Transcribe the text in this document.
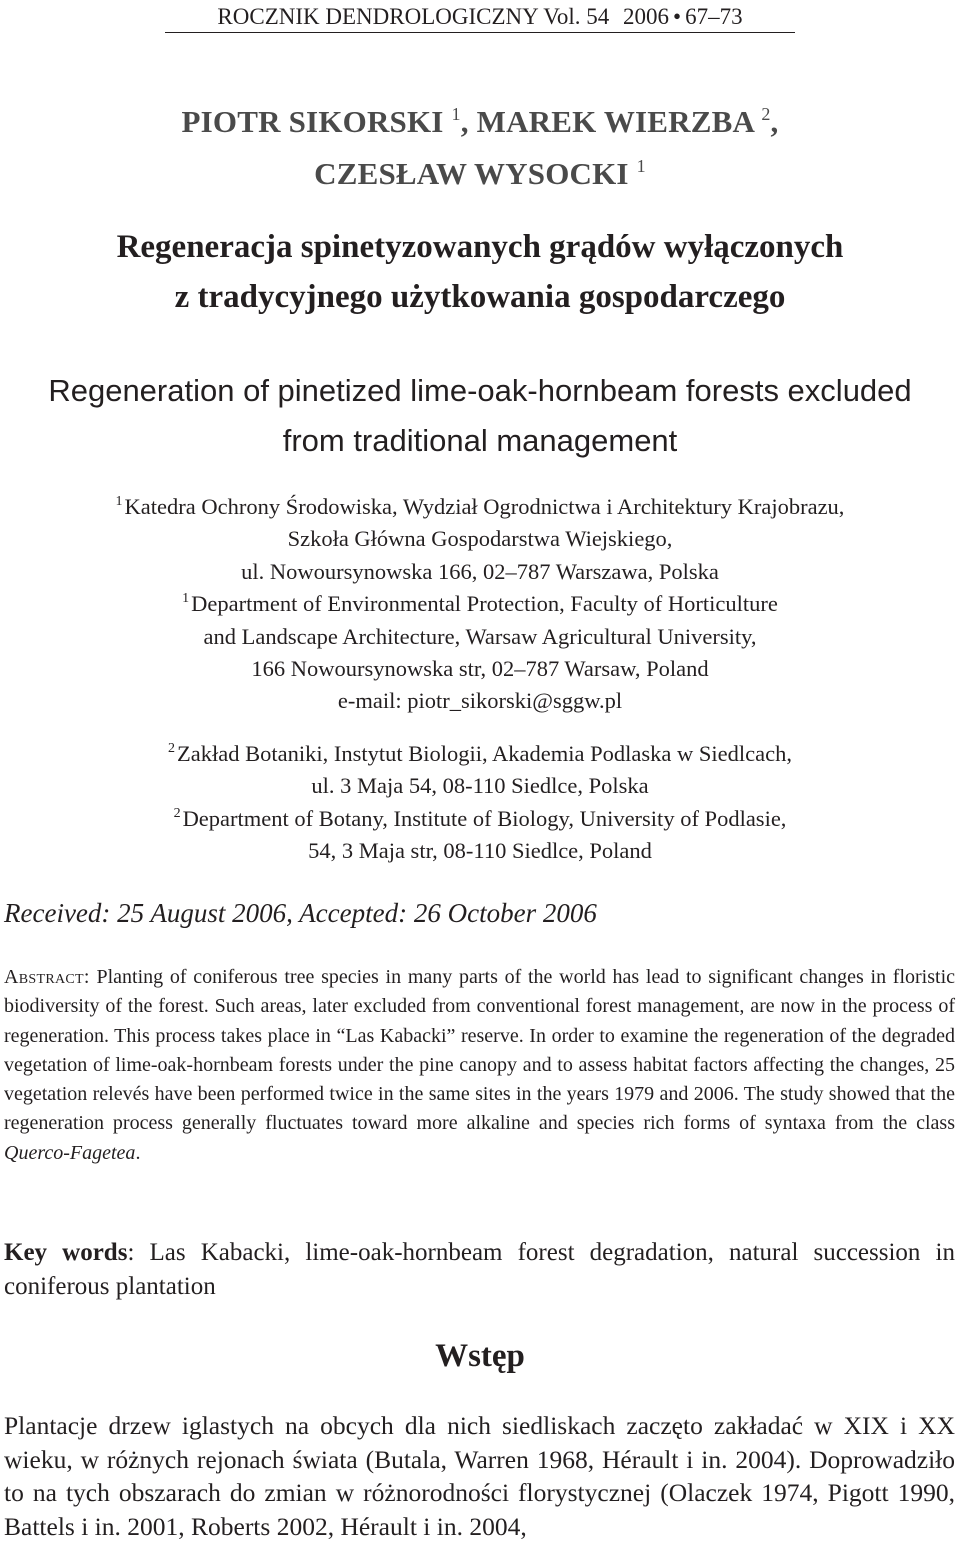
ROCZNIK DENDROLOGICZNY Vol. 54 2006 • 67–73
PIOTR SIKORSKI $^1$, MAREK WIERZBA $^2$,
CZESŁAW WYSOCKI $^1$
Regeneracja spinetyzowanych grądów wyłączonych
z tradycyjnego użytkowania gospodarczego
Regeneration of pinetized lime-oak-hornbeam forests excluded
from traditional management
$^1$Katedra Ochrony Środowiska, Wydział Ogrodnictwa i Architektury Krajobrazu,
Szkoła Główna Gospodarstwa Wiejskiego,
ul. Nowoursynowska 166, 02–787 Warszawa, Polska
$^1$Department of Environmental Protection, Faculty of Horticulture
and Landscape Architecture, Warsaw Agricultural University,
166 Nowoursynowska str, 02–787 Warsaw, Poland
e-mail: piotr_sikorski@sggw.pl
$^2$Zakład Botaniki, Instytut Biologii, Akademia Podlaska w Siedlcach,
ul. 3 Maja 54, 08-110 Siedlce, Polska
$^2$Department of Botany, Institute of Biology, University of Podlasie,
54, 3 Maja str, 08-110 Siedlce, Poland
Received: 25 August 2006, Accepted: 26 October 2006
Abstract: Planting of coniferous tree species in many parts of the world has lead to significant changes in floristic biodiversity of the forest. Such areas, later excluded from conventional forest management, are now in the process of regeneration. This process takes place in “Las Kabacki” reserve. In order to examine the regeneration of the degraded vegetation of lime-oak-hornbeam forests under the pine canopy and to assess habitat factors affecting the changes, 25 vegetation relevés have been performed twice in the same sites in the years 1979 and 2006. The study showed that the regeneration process generally fluctuates toward more alkaline and species rich forms of syntaxa from the class Querco-Fagetea.
Key words: Las Kabacki, lime-oak-hornbeam forest degradation, natural succession in coniferous plantation
Wstęp
Plantacje drzew iglastych na obcych dla nich siedliskach zaczęto zakładać w XIX i XX wieku, w różnych rejonach świata (Butala, Warren 1968, Hérault i in. 2004). Doprowadziło to na tych obszarach do zmian w różnorodności florystycznej (Olaczek 1974, Pigott 1990, Battels i in. 2001, Roberts 2002, Hérault i in. 2004,
